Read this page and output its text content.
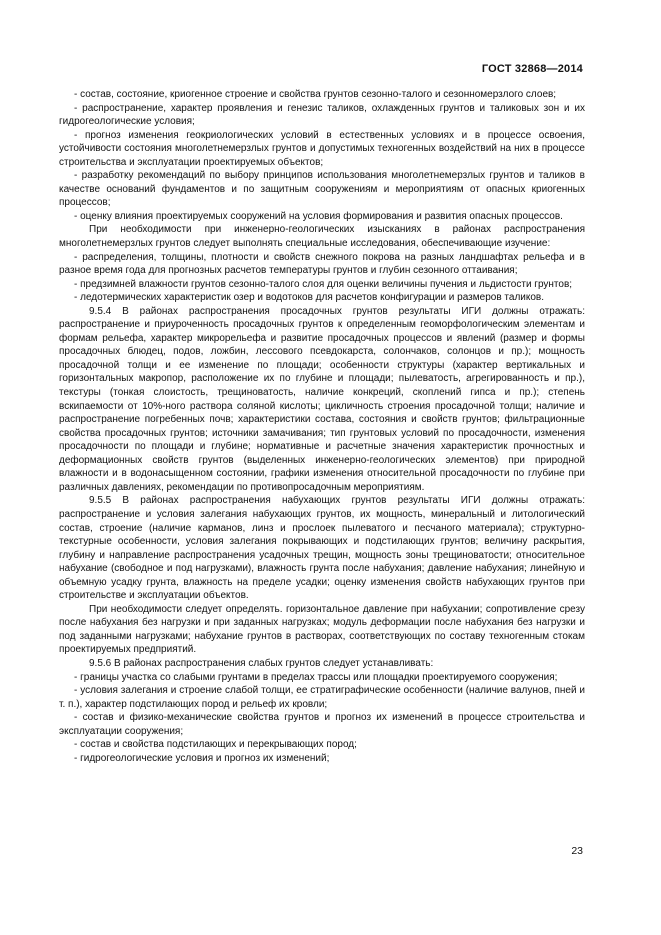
ГОСТ 32868—2014

- состав, состояние, криогенное строение и свойства грунтов сезонно-талого и сезонномерзлого слоев;

- распространение, характер проявления и генезис таликов, охлажденных грунтов и таликовых зон и их гидрогеологические условия;

- прогноз изменения геокриологических условий в естественных условиях и в процессе освоения, устойчивости состояния многолетнемерзлых грунтов и допустимых техногенных воздействий на них в процессе строительства и эксплуатации проектируемых объектов;

- разработку рекомендаций по выбору принципов использования многолетнемерзлых грунтов и таликов в качестве оснований фундаментов и по защитным сооружениям и мероприятиям от опасных криогенных процессов;

- оценку влияния проектируемых сооружений на условия формирования и развития опасных процессов.

При необходимости при инженерно-геологических изысканиях в районах распространения многолетнемерзлых грунтов следует выполнять специальные исследования, обеспечивающие изучение:

- распределения, толщины, плотности и свойств снежного покрова на разных ландшафтах рельефа и в разное время года для прогнозных расчетов температуры грунтов и глубин сезонного оттаивания;

- предзимней влажности грунтов сезонно-талого слоя для оценки величины пучения и льдистости грунтов;

- ледотермических характеристик озер и водотоков для расчетов конфигурации и размеров таликов.

9.5.4 В районах распространения просадочных грунтов результаты ИГИ должны отражать: распространение и приуроченность просадочных грунтов к определенным геоморфологическим элементам и формам рельефа, характер микрорельефа и развитие просадочных процессов и явлений (размер и формы просадочных блюдец, подов, ложбин, лессового псевдокарста, солончаков, солонцов и пр.); мощность просадочной толщи и ее изменение по площади; особенности структуры (характер вертикальных и горизонтальных макропор, расположение их по глубине и площади; пылеватость, агрегированность и пр.), текстуры (тонкая слоистость, трещиноватость, наличие конкреций, скоплений гипса и пр.); степень вскипаемости от 10%-ного раствора соляной кислоты; цикличность строения просадочной толщи; наличие и распространение погребенных почв; характеристики состава, состояния и свойств грунтов; фильтрационные свойства просадочных грунтов; источники замачивания; тип грунтовых условий по просадочности, изменения просадочности по площади и глубине; нормативные и расчетные значения характеристик прочностных и деформационных свойств грунтов (выделенных инженерно-геологических элементов) при природной влажности и в водонасыщенном состоянии, графики изменения относительной просадочности по глубине при различных давлениях, рекомендации по противопросадочным мероприятиям.

9.5.5 В районах распространения набухающих грунтов результаты ИГИ должны отражать: распространение и условия залегания набухающих грунтов, их мощность, минеральный и литологический состав, строение (наличие карманов, линз и прослоек пылеватого и песчаного материала); структурно-текстурные особенности, условия залегания покрывающих и подстилающих грунтов; величину раскрытия, глубину и направление распространения усадочных трещин, мощность зоны трещиноватости; относительное набухание (свободное и под нагрузками), влажность грунта после набухания; давление набухания; линейную и объемную усадку грунта, влажность на пределе усадки; оценку изменения свойств набухающих грунтов при строительстве и эксплуатации объектов.

При необходимости следует определять. горизонтальное давление при набухании; сопротивление срезу после набухания без нагрузки и при заданных нагрузках; модуль деформации после набухания без нагрузки и под заданными нагрузками; набухание грунтов в растворах, соответствующих по составу техногенным стокам проектируемых предприятий.

9.5.6 В районах распространения слабых грунтов следует устанавливать:

- границы участка со слабыми грунтами в пределах трассы или площадки проектируемого сооружения;

- условия залегания и строение слабой толщи, ее стратиграфические особенности (наличие валунов, пней и т. п.), характер подстилающих пород и рельеф их кровли;

- состав и физико-механические свойства грунтов и прогноз их изменений в процессе строительства и эксплуатации сооружения;

- состав и свойства подстилающих и перекрывающих пород;

- гидрогеологические условия и прогноз их изменений;

23
